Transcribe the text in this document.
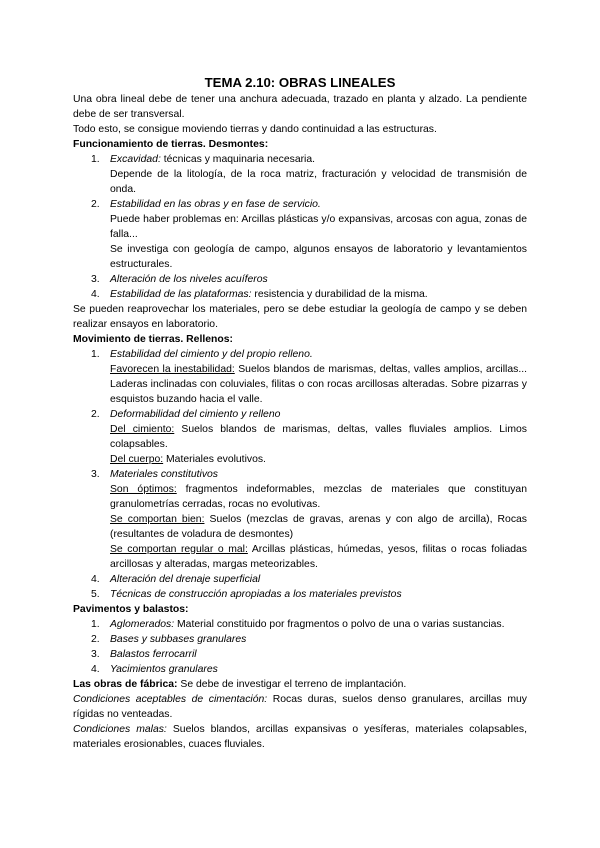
TEMA 2.10: OBRAS LINEALES

Una obra lineal debe de tener una anchura adecuada, trazado en planta y alzado. La pendiente debe de ser transversal.

Todo esto, se consigue moviendo tierras y dando continuidad a las estructuras.

Funcionamiento de tierras. Desmontes:

1. Excavidad: técnicas y maquinaria necesaria.

Depende de la litología, de la roca matriz, fracturación y velocidad de transmisión de onda.

2. Estabilidad en las obras y en fase de servicio.

Puede haber problemas en: Arcillas plásticas y/o expansivas, arcosas con agua, zonas de falla...

Se investiga con geología de campo, algunos ensayos de laboratorio y levantamientos estructurales.

3. Alteración de los niveles acuíferos
4. Estabilidad de las plataformas: resistencia y durabilidad de la misma.

Se pueden reaprovechar los materiales, pero se debe estudiar la geología de campo y se deben realizar ensayos en laboratorio.

Movimiento de tierras. Rellenos:

1. Estabilidad del cimiento y del propio relleno.

Favorecen la inestabilidad: Suelos blandos de marismas, deltas, valles amplios, arcillas... Laderas inclinadas con coluviales, filitas o con rocas arcillosas alteradas. Sobre pizarras y esquistos buzando hacia el valle.

2. Deformabilidad del cimiento y relleno

Del cimiento: Suelos blandos de marismas, deltas, valles fluviales amplios. Limos colapsables.

Del cuerpo: Materiales evolutivos.

3. Materiales constitutivos

Son óptimos: fragmentos indeformables, mezclas de materiales que constituyan granulometrías cerradas, rocas no evolutivas.

Se comportan bien: Suelos (mezclas de gravas, arenas y con algo de arcilla), Rocas (resultantes de voladura de desmontes)

Se comportan regular o mal: Arcillas plásticas, húmedas, yesos, filitas o rocas foliadas arcillosas y alteradas, margas meteorizables.

4. Alteración del drenaje superficial
5. Técnicas de construcción apropiadas a los materiales previstos

Pavimentos y balastos:

1. Aglomerados: Material constituido por fragmentos o polvo de una o varias sustancias.
2. Bases y subbases granulares
3. Balastos ferrocarril
4. Yacimientos granulares

Las obras de fábrica: Se debe de investigar el terreno de implantación.

Condiciones aceptables de cimentación: Rocas duras, suelos denso granulares, arcillas muy rígidas no venteadas.

Condiciones malas: Suelos blandos, arcillas expansivas o yesíferas, materiales colapsables, materiales erosionables, cuaces fluviales.
